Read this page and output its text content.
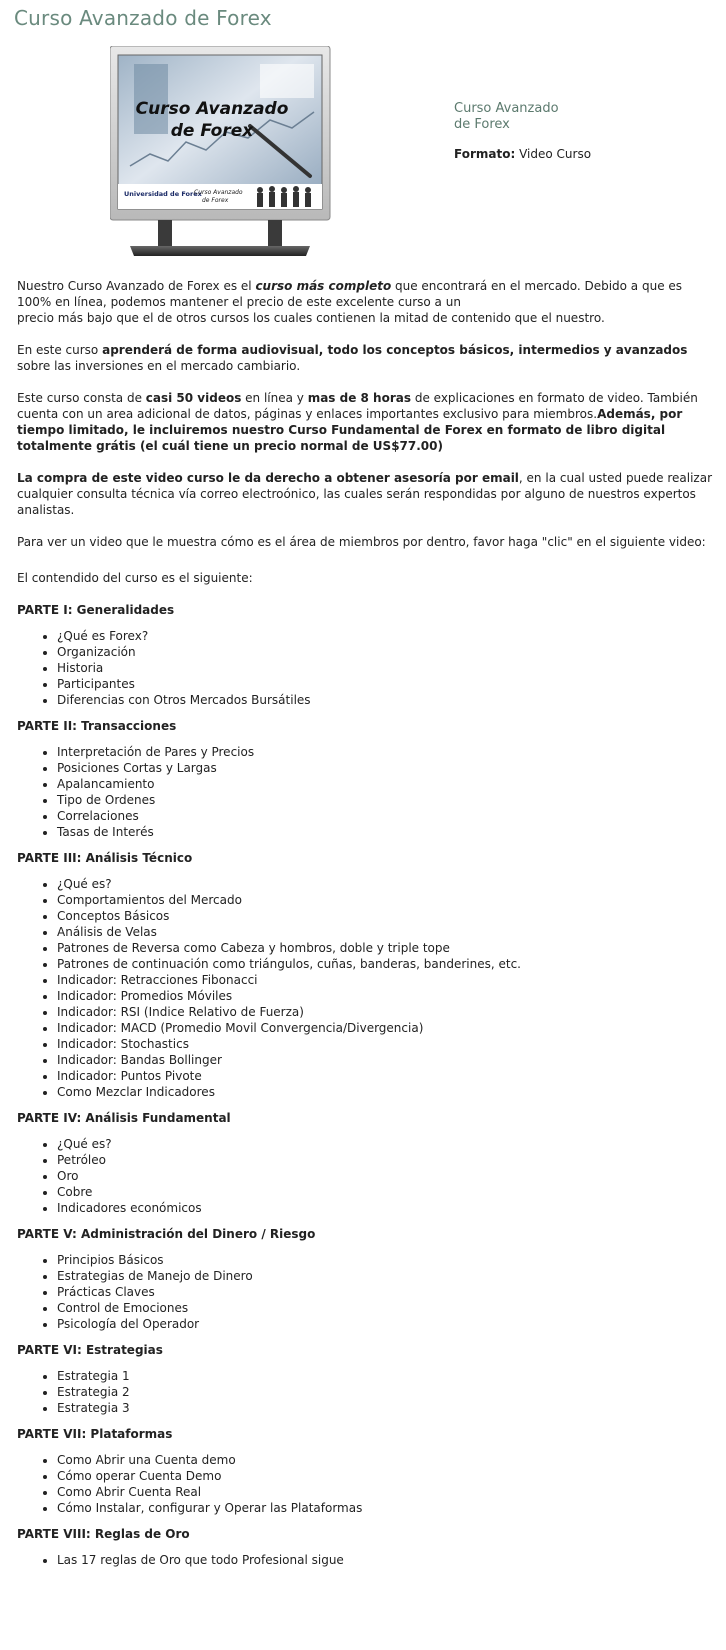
Curso Avanzado de Forex
Curso Avanzado
de Forex
Universidad de Forex
Curso Avanzado
de Forex
Curso Avanzado
de Forex
Formato: Video Curso

Nuestro Curso Avanzado de Forex es el curso más completo que encontrará en el mercado. Debido a que es 100% en línea, podemos mantener el precio de este excelente curso a un
precio más bajo que el de otros cursos los cuales contienen la mitad de contenido que el nuestro.

En este curso aprenderá de forma audiovisual, todo los conceptos básicos, intermedios y avanzados sobre las inversiones en el mercado cambiario.

Este curso consta de casi 50 videos en línea y mas de 8 horas de explicaciones en formato de video. También cuenta con un area adicional de datos, páginas y enlaces importantes exclusivo para miembros.Además, por tiempo limitado, le incluiremos nuestro Curso Fundamental de Forex en formato de libro digital totalmente grátis (el cuál tiene un precio normal de US$77.00)

La compra de este video curso le da derecho a obtener asesoría por email, en la cual usted puede realizar cualquier consulta técnica vía correo electroónico, las cuales serán respondidas por alguno de nuestros expertos analistas.

Para ver un video que le muestra cómo es el área de miembros por dentro, favor haga "clic" en el siguiente video:

El contendido del curso es el siguiente:

PARTE I: Generalidades
• ¿Qué es Forex?
• Organización
• Historia
• Participantes
• Diferencias con Otros Mercados Bursátiles
PARTE II: Transacciones
• Interpretación de Pares y Precios
• Posiciones Cortas y Largas
• Apalancamiento
• Tipo de Ordenes
• Correlaciones
• Tasas de Interés
PARTE III: Análisis Técnico
• ¿Qué es?
• Comportamientos del Mercado
• Conceptos Básicos
• Análisis de Velas
• Patrones de Reversa como Cabeza y hombros, doble y triple tope
• Patrones de continuación como triángulos, cuñas, banderas, banderines, etc.
• Indicador: Retracciones Fibonacci
• Indicador: Promedios Móviles
• Indicador: RSI (Indice Relativo de Fuerza)
• Indicador: MACD (Promedio Movil Convergencia/Divergencia)
• Indicador: Stochastics
• Indicador: Bandas Bollinger
• Indicador: Puntos Pivote
• Como Mezclar Indicadores
PARTE IV: Análisis Fundamental
• ¿Qué es?
• Petróleo
• Oro
• Cobre
• Indicadores económicos
PARTE V: Administración del Dinero / Riesgo
• Principios Básicos
• Estrategias de Manejo de Dinero
• Prácticas Claves
• Control de Emociones
• Psicología del Operador
PARTE VI: Estrategias
• Estrategia 1
• Estrategia 2
• Estrategia 3
PARTE VII: Plataformas
• Como Abrir una Cuenta demo
• Cómo operar Cuenta Demo
• Como Abrir Cuenta Real
• Cómo Instalar, configurar y Operar las Plataformas
PARTE VIII: Reglas de Oro
• Las 17 reglas de Oro que todo Profesional sigue
